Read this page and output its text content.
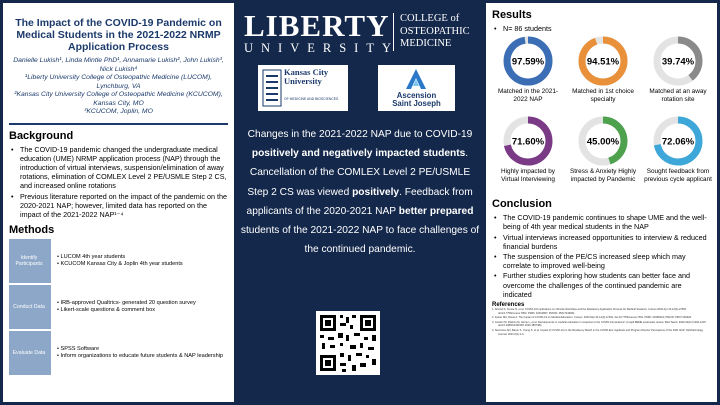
The Impact of the COVID-19 Pandemic on Medical Students in the 2021-2022 NRMP Application Process
Danielle Lukish¹, Linda Mintle PhD¹, Annamarie Lukish², John Lukish³, Nick Lukish⁴
¹Liberty University College of Osteopathic Medicine (LUCOM), Lynchburg, VA
²Kansas City University College of Osteopathic Medicine (KCUCOM), Kansas City, MO
³KCUCOM, Joplin, MO
Background
• The COVID-19 pandemic changed the undergraduate medical education (UME) NRMP application process (NAP) through the introduction of virtual interviews, suspension/elimination of away rotations, elimination of COMLEX Level 2 PE/USMLE Step 2 CS, and increased online rotations
• Previous literature reported on the impact of the pandemic on the 2020-2021 NAP; however, limited data has reported on the impact of the 2021-2022 NAP¹⁻⁴
Methods
Identify Participants
• LUCOM 4th year students
• KCUCOM Kansas City & Joplin 4th year students
Conduct Data
• IRB-approved Qualtrics- generated 20 question survey
• Likert-scale questions & comment box
Evaluate Data
• SPSS Software
• Inform organizations to educate future students & NAP leadership
LIBERTY
UNIVERSITY
COLLEGE of
OSTEOPATHIC
MEDICINE
Kansas City
University
OF MEDICINE AND BIOSCIENCES	Ascension
Saint Joseph
Changes in the 2021-2022 NAP due to COVID-19 positively and negatively impacted students. Cancellation of the COMLEX Level 2 PE/USMLE Step 2 CS was viewed positively. Feedback from applicants of the 2020-2021 NAP better prepared students of the 2021-2022 NAP to face challenges of the continued pandemic.
Results
• N= 86 students
97.59%
Matched in the 2021-2022 NAP
94.51%
Matched in 1st choice specialty
39.74%
Matched at an away rotation site
71.60%
Highly impacted by Virtual Interviewing
45.00%
Stress & Anxiety Highly impacted by Pandemic
72.06%
Sought feedback from previous cycle applicant
Conclusion
• The COVID-19 pandemic continues to shape UME and the well-being of 4th year medical students in the NAP
• Virtual interviews increased opportunities to interview & reduced financial burdens
• The suspension of the PE/CS increased sleep which may correlate to improved well-being
• Further studies exploring how students can better face and overcome the challenges of the continued pandemic are indicated
References

1. Ahmed S, Kumar N, et al. COVID-19 Implications on Clinical Clerkships and the Residency Application Process for Medical Students. Cureus 2020 Apr 23;12(4):e7800. doi:10.7759/cureus.7800. PMID: 32461867; PMCID: PMC7243841.

2. Feiner MA, Davis A. The Impact of COVID-19 on Medical Education. Cureus. 2020 Mar 31;12(3):e7492. doi:10.7759/cureus.7492. PMID: 32368424; PMCID: PMC7193226.

3. Gordon M, Patricio M, Horne L, et al. Developments in medical education in response to the COVID-19 pandemic: A rapid BEME systematic review. Med Teach. 2020;42(11):1202-1215. doi:10.1080/0142159X.2020.1807484.

4. Sternszus MJ, Baron S, Young S, et al. Impact of COVID-19 on the Residency Match in the COVID Era: Applicant and Program Director Perceptions of the 2021 NAP. Ophthalmology Journal. 2021;6(1):1-6.
